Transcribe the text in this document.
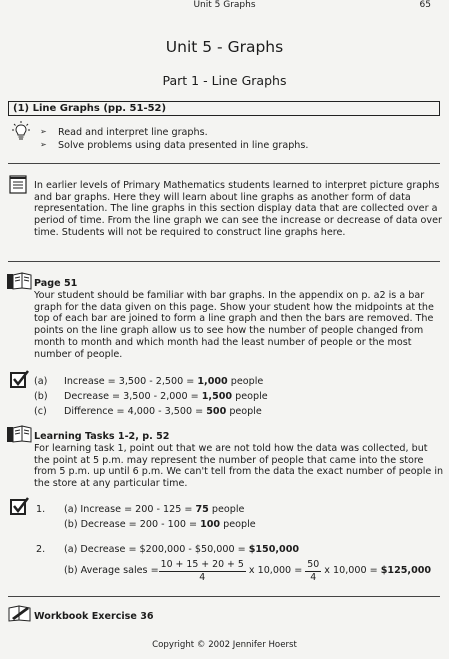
Unit 5 Graphs	65
Unit 5 - Graphs
Part 1 - Line Graphs
(1) Line Graphs (pp. 51-52)
➢ Read and interpret line graphs.
➢ Solve problems using data presented in line graphs.
In earlier levels of Primary Mathematics students learned to interpret picture graphs and bar graphs. Here they will learn about line graphs as another form of data representation. The line graphs in this section display data that are collected over a period of time. From the line graph we can see the increase or decrease of data over time. Students will not be required to construct line graphs here.
Page 51
Your student should be familiar with bar graphs. In the appendix on p. a2 is a bar graph for the data given on this page. Show your student how the midpoints at the top of each bar are joined to form a line graph and then the bars are removed. The points on the line graph allow us to see how the number of people changed from month to month and which month had the least number of people or the most number of people.
(a) Increase = 3,500 - 2,500 = 1,000 people
(b) Decrease = 3,500 - 2,000 = 1,500 people
(c) Difference = 4,000 - 3,500 = 500 people
Learning Tasks 1-2, p. 52
For learning task 1, point out that we are not told how the data was collected, but the point at 5 p.m. may represent the number of people that came into the store from 5 p.m. up until 6 p.m. We can't tell from the data the exact number of people in the store at any particular time.
1. (a) Increase = 200 - 125 = 75 people
(b) Decrease = 200 - 100 = 100 people
2. (a) Decrease = $200,000 - $50,000 = $150,000
(b) Average sales = $\frac{10 + 15 + 20 + 5}{4}$ x $10,000 = \frac{50}{4}$ x 10,000 = $125,000
Workbook Exercise 36
Copyright © 2002 Jennifer Hoerst
